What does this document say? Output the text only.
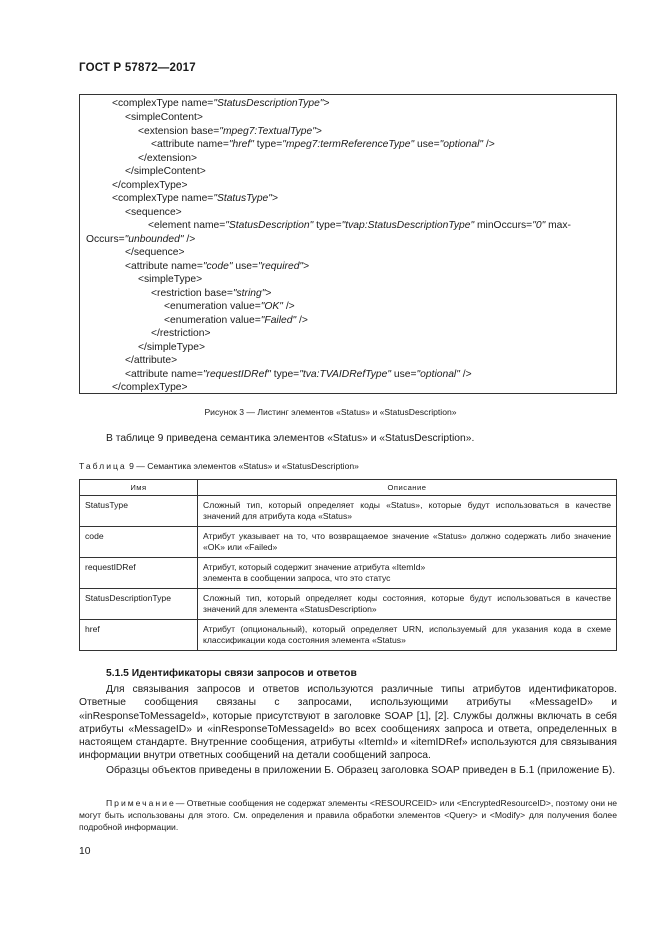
ГОСТ Р 57872—2017
<complexType name="StatusDescriptionType">
<simpleContent>
<extension base="mpeg7:TextualType">
<attribute name="href" type="mpeg7:termReferenceType" use="optional" />
</extension>
</simpleContent>
</complexType>
<complexType name="StatusType">
<sequence>
<element name="StatusDescription" type="tvap:StatusDescriptionType" minOccurs="0" max-
Occurs="unbounded" />
</sequence>
<attribute name="code" use="required">
<simpleType>
<restriction base="string">
<enumeration value="OK" />
<enumeration value="Failed" />
</restriction>
</simpleType>
</attribute>
<attribute name="requestIDRef" type="tva:TVAIDRefType" use="optional" />
</complexType>
Рисунок 3 — Листинг элементов «Status» и «StatusDescription»
В таблице 9 приведена семантика элементов «Status» и «StatusDescription».
Таблица 9 — Семантика элементов «Status» и «StatusDescription»
Имя	Описание
StatusType	Сложный тип, который определяет коды «Status», которые будут использоваться в качестве значений для атрибута кода «Status»
code	Атрибут указывает на то, что возвращаемое значение «Status» должно содержать либо значение «OK» или «Failed»
requestIDRef	Атрибут, который содержит значение атрибута «ItemId»
элемента в сообщении запроса, что это статус
StatusDescriptionType	Сложный тип, который определяет коды состояния, которые будут использоваться в качестве значений для элемента «StatusDescription»
href	Атрибут (опциональный), который определяет URN, используемый для указания кода в схеме классификации кода состояния элемента «Status»
5.1.5 Идентификаторы связи запросов и ответов

Для связывания запросов и ответов используются различные типы атрибутов идентификаторов. Ответные сообщения связаны с запросами, использующими атрибуты «MessageID» и «inResponseToMessageId», которые присутствуют в заголовке SOAP [1], [2]. Службы должны включать в себя атрибуты «MessageID» и «inResponseToMessageId» во всех сообщениях запроса и ответа, определенных в настоящем стандарте. Внутренние сообщения, атрибуты «ItemId» и «itemIDRef» используются для связывания информации внутри ответных сообщений на детали сообщений запроса.

Образцы объектов приведены в приложении Б. Образец заголовка SOAP приведен в Б.1 (приложение Б).

Примечание— Ответные сообщения не содержат элементы <RESOURCEID> или <EncryptedResourceID>, поэтому они не могут быть использованы для этого. См. определения и правила обработки элементов <Query> и <Modify> для получения более подробной информации.
10
